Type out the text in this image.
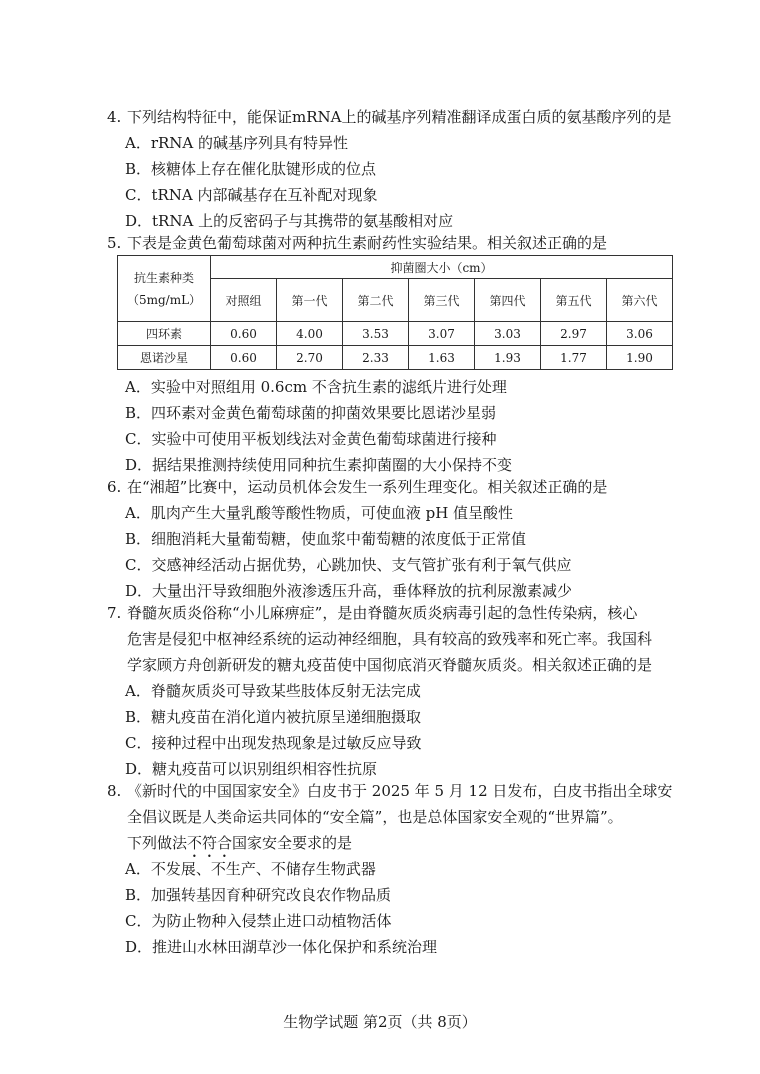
4. 下列结构特征中，能保证mRNA上的碱基序列精准翻译成蛋白质的氨基酸序列的是
A．rRNA 的碱基序列具有特异性
B．核糖体上存在催化肽键形成的位点
C．tRNA 内部碱基存在互补配对现象
D．tRNA 上的反密码子与其携带的氨基酸相对应
5. 下表是金黄色葡萄球菌对两种抗生素耐药性实验结果。相关叙述正确的是
抗生素种类
（5mg/mL）	抑菌圈大小（cm）						
	对照组	第一代	第二代	第三代	第四代	第五代	第六代
四环素	0.60	4.00	3.53	3.07	3.03	2.97	3.06
恩诺沙星	0.60	2.70	2.33	1.63	1.93	1.77	1.90
A．实验中对照组用 0.6cm 不含抗生素的滤纸片进行处理
B．四环素对金黄色葡萄球菌的抑菌效果要比恩诺沙星弱
C．实验中可使用平板划线法对金黄色葡萄球菌进行接种
D．据结果推测持续使用同种抗生素抑菌圈的大小保持不变
6. 在“湘超”比赛中，运动员机体会发生一系列生理变化。相关叙述正确的是
A．肌肉产生大量乳酸等酸性物质，可使血液 pH 值呈酸性
B．细胞消耗大量葡萄糖，使血浆中葡萄糖的浓度低于正常值
C．交感神经活动占据优势，心跳加快、支气管扩张有利于氧气供应
D．大量出汗导致细胞外液渗透压升高，垂体释放的抗利尿激素减少
7. 脊髓灰质炎俗称“小儿麻痹症”，是由脊髓灰质炎病毒引起的急性传染病，核心
危害是侵犯中枢神经系统的运动神经细胞，具有较高的致残率和死亡率。我国科
学家顾方舟创新研发的糖丸疫苗使中国彻底消灭脊髓灰质炎。相关叙述正确的是
A．脊髓灰质炎可导致某些肢体反射无法完成
B．糖丸疫苗在消化道内被抗原呈递细胞摄取
C．接种过程中出现发热现象是过敏反应导致
D．糖丸疫苗可以识别组织相容性抗原
8. 《新时代的中国国家安全》白皮书于 2025 年 5 月 12 日发布，白皮书指出全球安
全倡议既是人类命运共同体的“安全篇”，也是总体国家安全观的“世界篇”。
下列做法不符合国家安全要求的是
A．不发展、不生产、不储存生物武器
B．加强转基因育种研究改良农作物品质
C．为防止物种入侵禁止进口动植物活体
D．推进山水林田湖草沙一体化保护和系统治理
生物学试题 第2页（共 8页）
